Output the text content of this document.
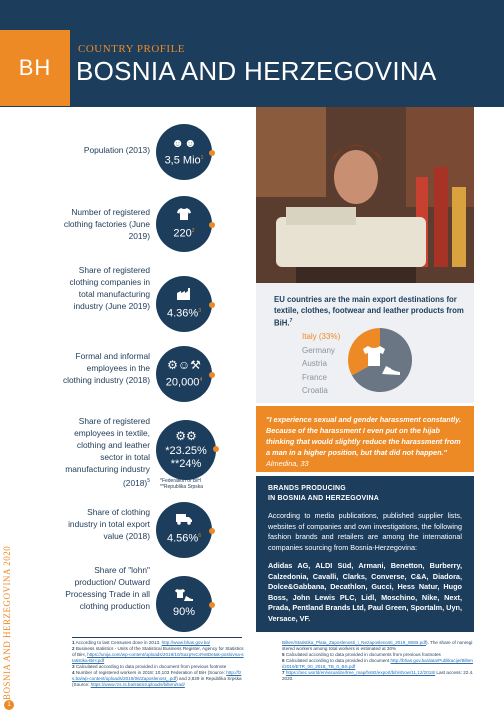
BH
COUNTRY PROFILE
BOSNIA AND HERZEGOVINA
BOSNIA AND HERZEGOVINA 2020
1
Population (2013)
☻☻
3,5 Mio$^1$
Number of registered clothing factories (June 2019) $220^2$
Share of registered clothing companies in total manufacturing industry (June 2019)
4.36%$^3$
Formal and informal employees in the clothing industry (2018)
⚙☺⚒
20,000$^4$
Share of registered employees in textile, clothing and leather sector in total manufacturing industry $(2018)^5$
⚙⚙
*23.25%
**24%
*Federation of BiH
**Republika Srpska
Share of clothing industry in total export value (2018) 4.56%$^6$
Share of "lohn" production/ Outward Processing Trade in all clothing production 90%
EU countries are the main export destinations for textile, clothes, footwear and leather products from BiH.$^7$
Italy (33%)
Germany
Austria
France
Croatia

"I experience sexual and gender harassment constantly. Because of the harassment I even put on the hijab thinking that would slightly reduce the harassment from a man in a higher position, but that did not happen." Almedina, 33

BRANDS PRODUCING
IN BOSNIA AND HERZEGOVINA

According to media publications, published supplier lists, websites of companies and own investigations, the following fashion brands and retailers are among the international companies sourcing from Bosnia-Herzegovina:

Adidas AG, ALDI Süd, Armani, Benetton, Burberry, Calzedonia, Cavalli, Clarks, Converse, C&A, Diadora, Dolce&Gabbana, Decathlon, Gucci, Hess Natur, Hugo Boss, John Lewis PLC, Lidl, Moschino, Nike, Next, Prada, Pentland Brands Ltd, Paul Green, Sportalm, Uyn, Versace, VF.

1 According to last Censuses done in 2013. http://www.bhas.gov.ba/
2 Business statistics - Units of the Statistical Business Register, Agency for Statistics of BiH, https://unija.com/wp-content/uploads/2019/10/Sazp%C4%8Detak-poslovna-statistika-BiH.pdf
3 Calculated according to data provided in document from previous footnote
4 Number of registered workers in 2018: 10,103 Federation of BiH (Source: http://fzs.ba/wp-content/uploads/2019/06/Zaposlenost_.pdf) and 2,829 in Republika Srpska (Source: https://www.rzs.rs.ba/static/uploads/bilteni/rad/
Bilten/Statistika_Plata_Zaposlenosti_i_Nezaposlenosti_2019_WEB.pdf). The share of nonregistered workers among total workers is estimated at 30%
5 Calculated according to data provided in documents from previous footnotes
6 Calculated according to data provided in document http://bhas.gov.ba/data/Publikacije/Bilteni/2019/ETR_00_2018_TB_0_BS.pdf
7 https://oec.world/en/visualize/tree_map/hs92/export/bih/show/11,12/2018/ Last access: 22.4.2020.
